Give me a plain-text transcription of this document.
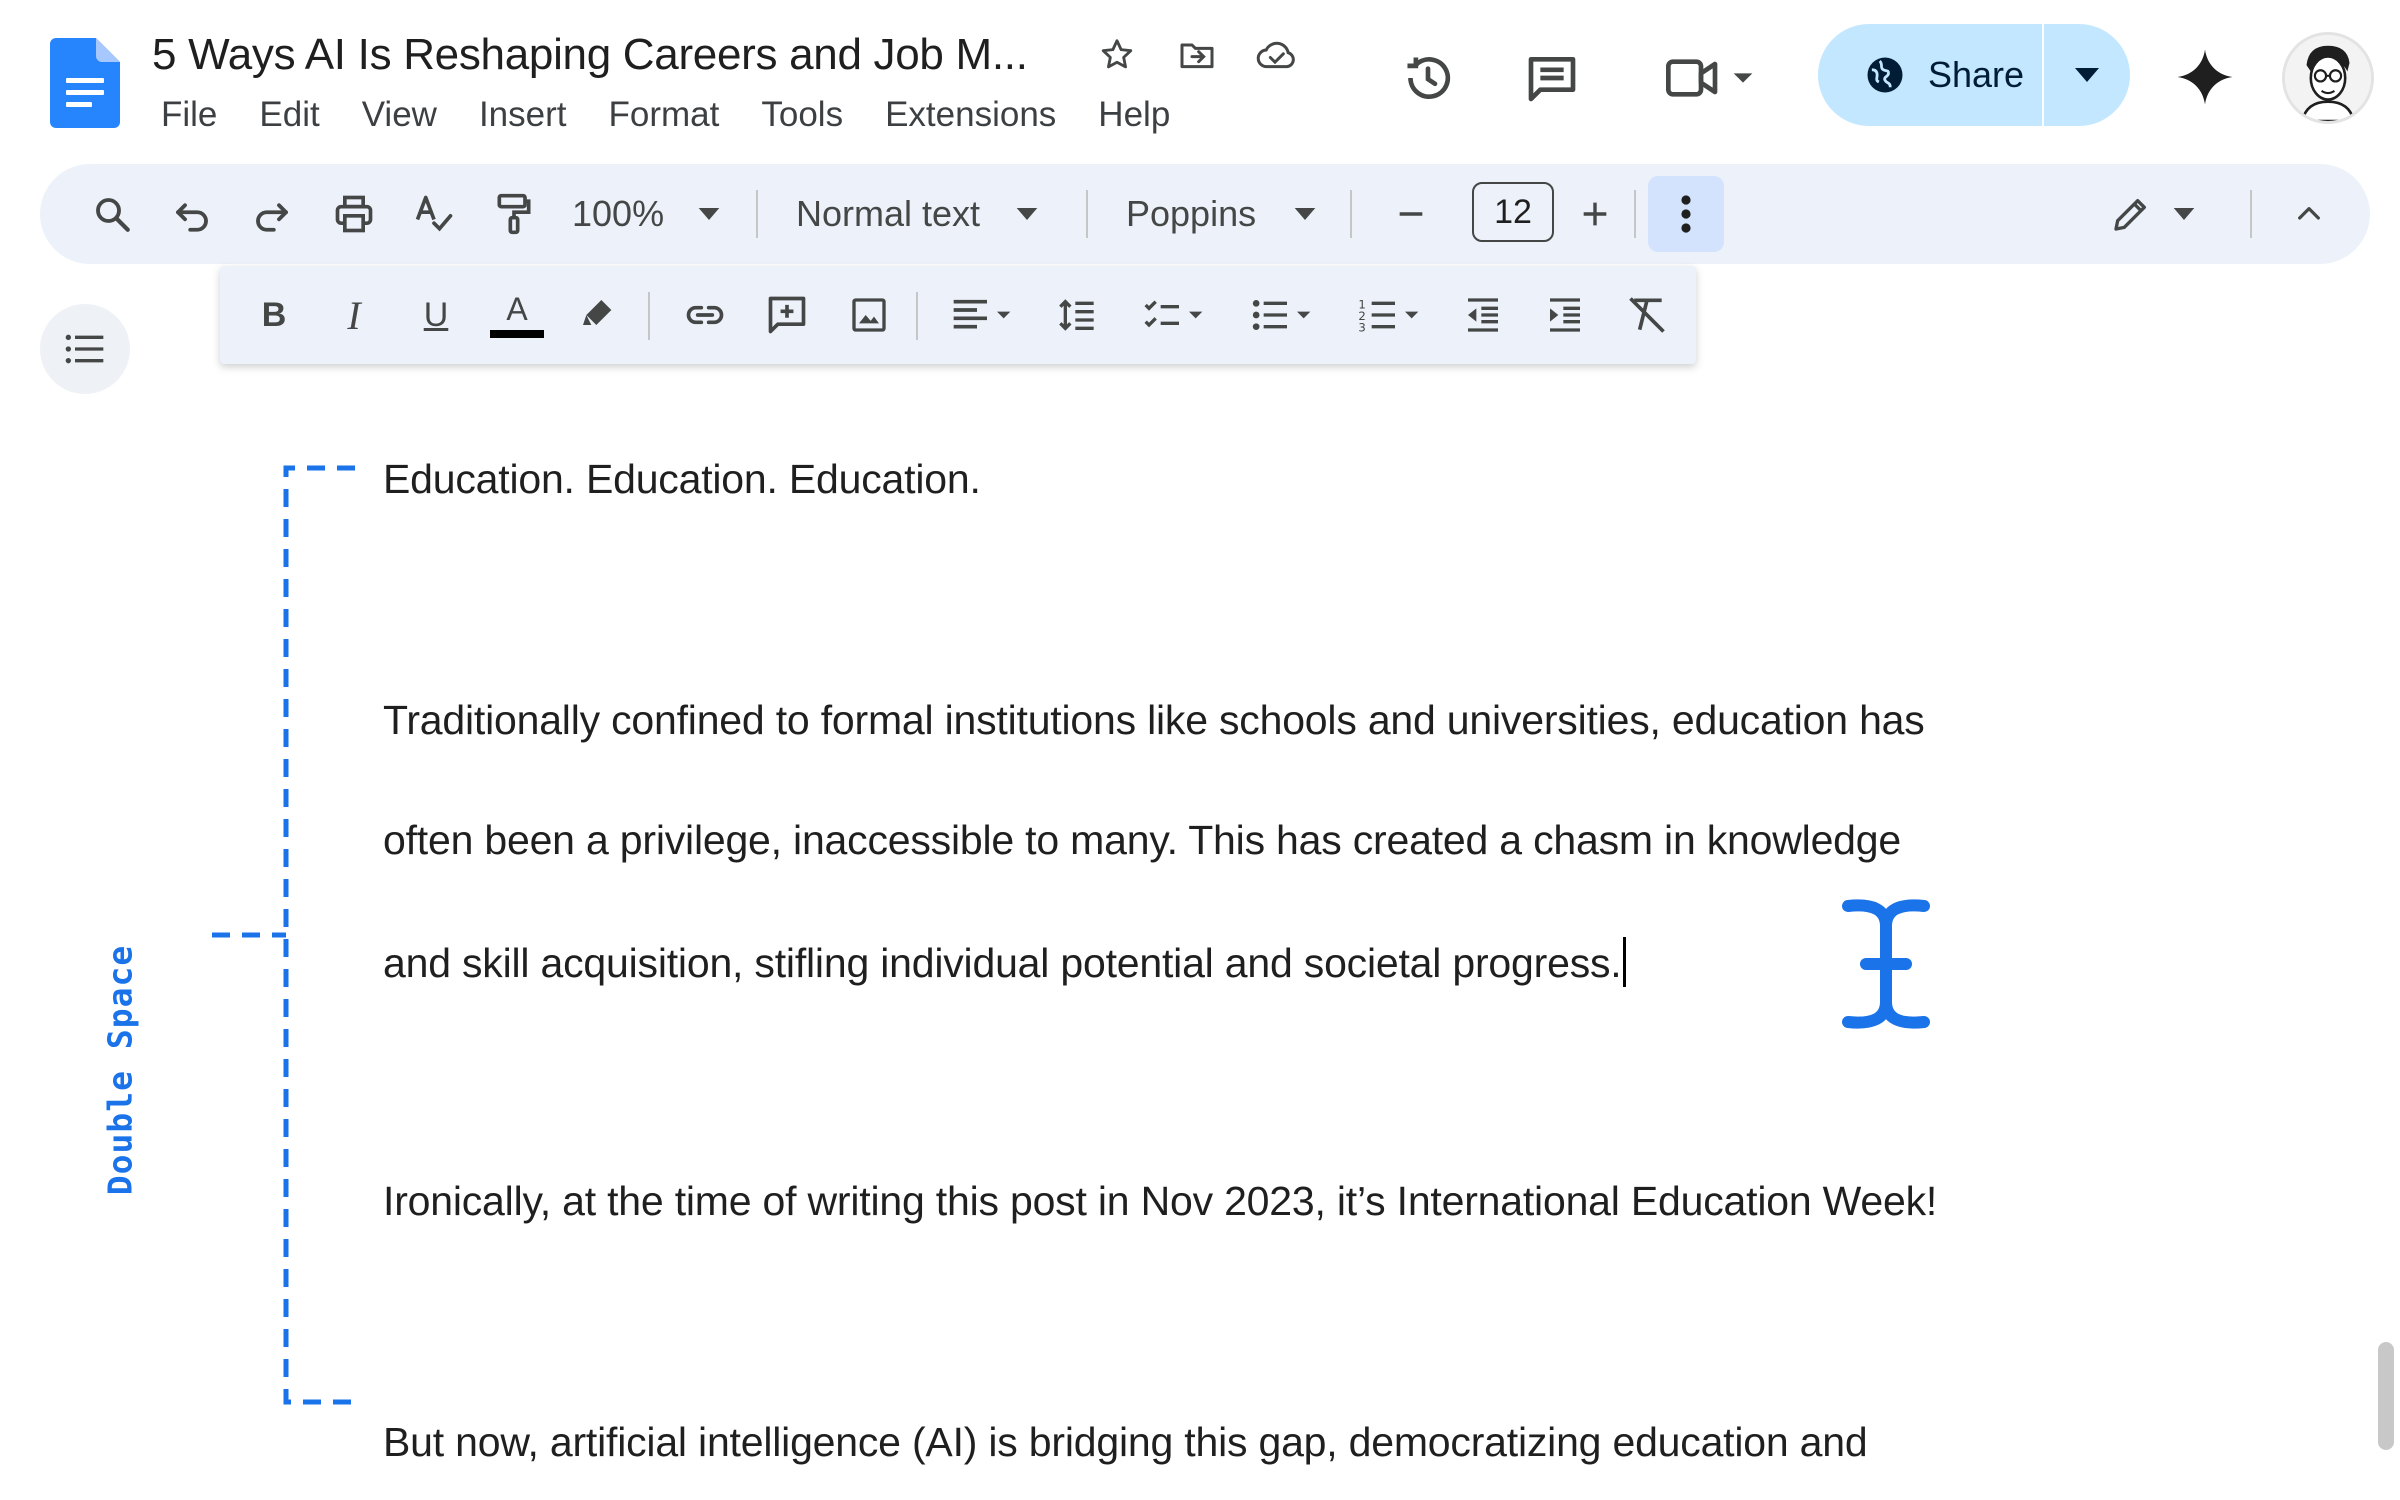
5 Ways AI Is Reshaping Careers and Job M...
File	Edit	View	Insert	Format	Tools	Extensions	Help
Share
100%	Normal text	Poppins	12
B I U A	1
2
3
Education. Education. Education.
Traditionally confined to formal institutions like schools and universities, education has
often been a privilege, inaccessible to many. This has created a chasm in knowledge
and skill acquisition, stifling individual potential and societal progress.
Ironically, at the time of writing this post in Nov 2023, it’s International Education Week!
But now, artificial intelligence (AI) is bridging this gap, democratizing education and
Double Space
